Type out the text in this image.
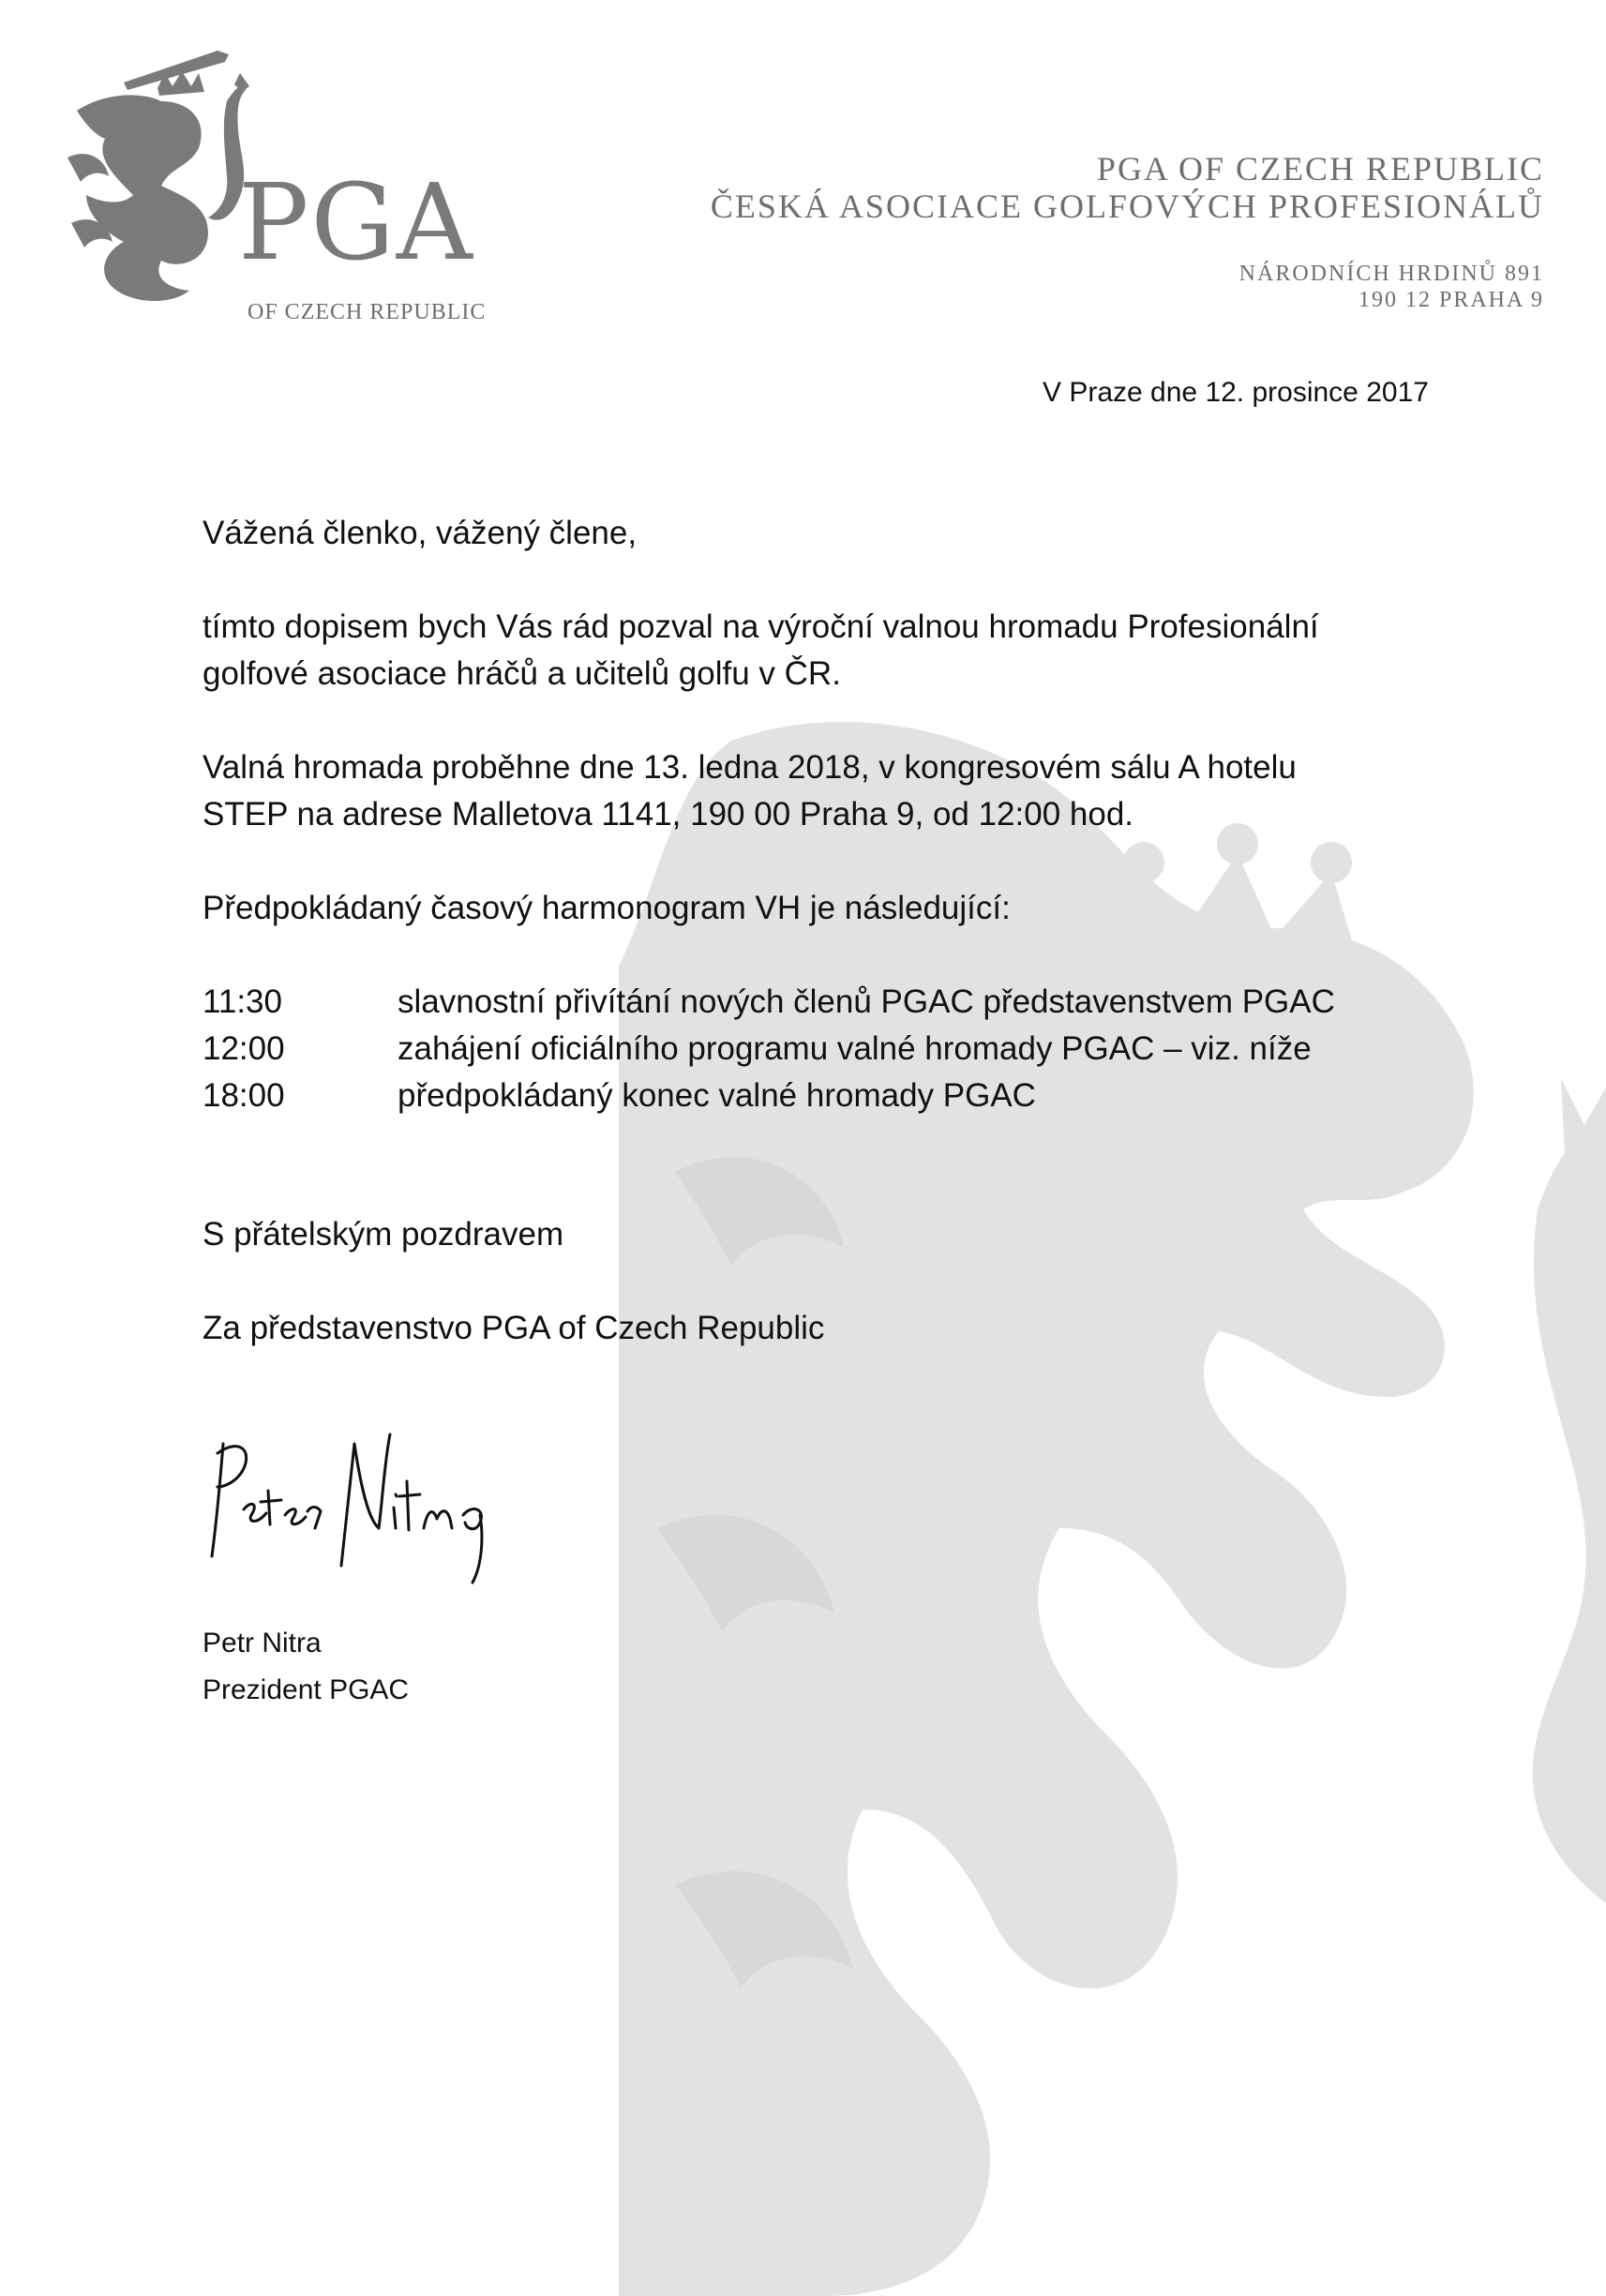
PGA
OF CZECH REPUBLIC
PGA OF CZECH REPUBLIC
ČESKÁ ASOCIACE GOLFOVÝCH PROFESIONÁLŮ
NÁRODNÍCH HRDINŮ 891
190 12 PRAHA 9
V Praze dne 12. prosince 2017
Vážená členko, vážený člene,
tímto dopisem bych Vás rád pozval na výroční valnou hromadu Profesionální
golfové asociace hráčů a učitelů golfu v ČR.
Valná hromada proběhne dne 13. ledna 2018, v kongresovém sálu A hotelu
STEP na adrese Malletova 1141, 190 00 Praha 9, od 12:00 hod.
Předpokládaný časový harmonogram VH je následující:
11:30	slavnostní přivítání nových členů PGAC představenstvem PGAC
12:00	zahájení oficiálního programu valné hromady PGAC – viz. níže
18:00	předpokládaný konec valné hromady PGAC
S přátelským pozdravem
Za představenstvo PGA of Czech Republic
Petr Nitra
Prezident PGAC
